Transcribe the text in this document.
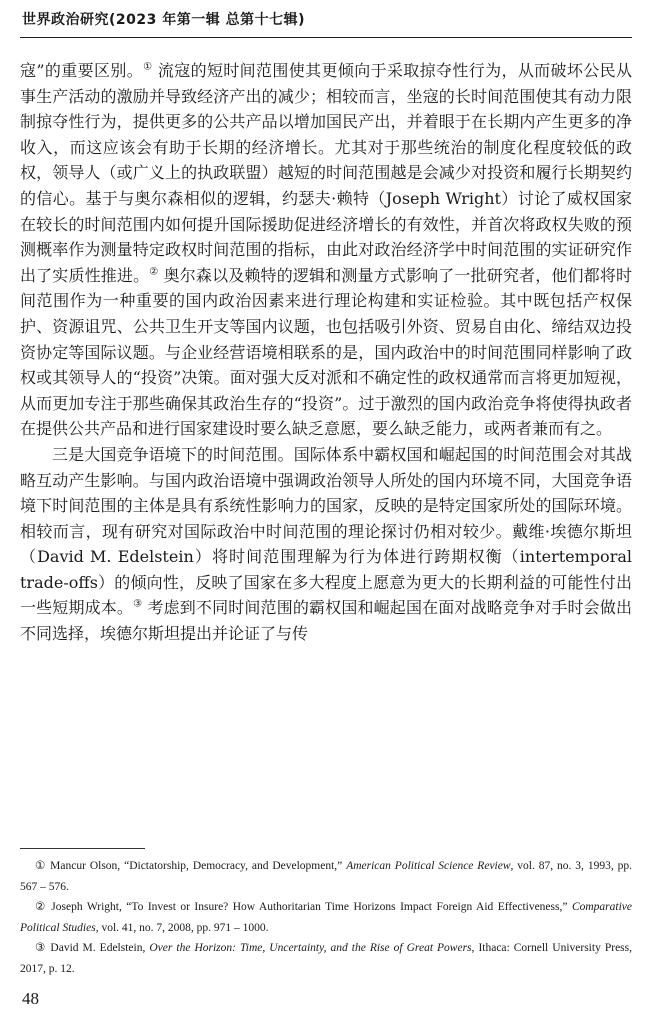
世界政治研究(2023 年第一辑 总第十七辑)

寇”的重要区别。① 流寇的短时间范围使其更倾向于采取掠夺性行为，从而破坏公民从事生产活动的激励并导致经济产出的减少；相较而言，坐寇的长时间范围使其有动力限制掠夺性行为，提供更多的公共产品以增加国民产出，并着眼于在长期内产生更多的净收入，而这应该会有助于长期的经济增长。尤其对于那些统治的制度化程度较低的政权，领导人（或广义上的执政联盟）越短的时间范围越是会减少对投资和履行长期契约的信心。基于与奥尔森相似的逻辑，约瑟夫·赖特（Joseph Wright）讨论了威权国家在较长的时间范围内如何提升国际援助促进经济增长的有效性，并首次将政权失败的预测概率作为测量特定政权时间范围的指标，由此对政治经济学中时间范围的实证研究作出了实质性推进。② 奥尔森以及赖特的逻辑和测量方式影响了一批研究者，他们都将时间范围作为一种重要的国内政治因素来进行理论构建和实证检验。其中既包括产权保护、资源诅咒、公共卫生开支等国内议题，也包括吸引外资、贸易自由化、缔结双边投资协定等国际议题。与企业经营语境相联系的是，国内政治中的时间范围同样影响了政权或其领导人的“投资”决策。面对强大反对派和不确定性的政权通常而言将更加短视，从而更加专注于那些确保其政治生存的“投资”。过于激烈的国内政治竞争将使得执政者在提供公共产品和进行国家建设时要么缺乏意愿，要么缺乏能力，或两者兼而有之。

三是大国竞争语境下的时间范围。国际体系中霸权国和崛起国的时间范围会对其战略互动产生影响。与国内政治语境中强调政治领导人所处的国内环境不同，大国竞争语境下时间范围的主体是具有系统性影响力的国家，反映的是特定国家所处的国际环境。相较而言，现有研究对国际政治中时间范围的理论探讨仍相对较少。戴维·埃德尔斯坦（David M. Edelstein）将时间范围理解为行为体进行跨期权衡（intertemporal trade-offs）的倾向性，反映了国家在多大程度上愿意为更大的长期利益的可能性付出一些短期成本。③ 考虑到不同时间范围的霸权国和崛起国在面对战略竞争对手时会做出不同选择，埃德尔斯坦提出并论证了与传

① Mancur Olson, “Dictatorship, Democracy, and Development,” American Political Science Review, vol. 87, no. 3, 1993, pp. 567 – 576.

② Joseph Wright, “To Invest or Insure? How Authoritarian Time Horizons Impact Foreign Aid Effectiveness,” Comparative Political Studies, vol. 41, no. 7, 2008, pp. 971 – 1000.

③ David M. Edelstein, Over the Horizon: Time, Uncertainty, and the Rise of Great Powers, Ithaca: Cornell University Press, 2017, p. 12.

48
